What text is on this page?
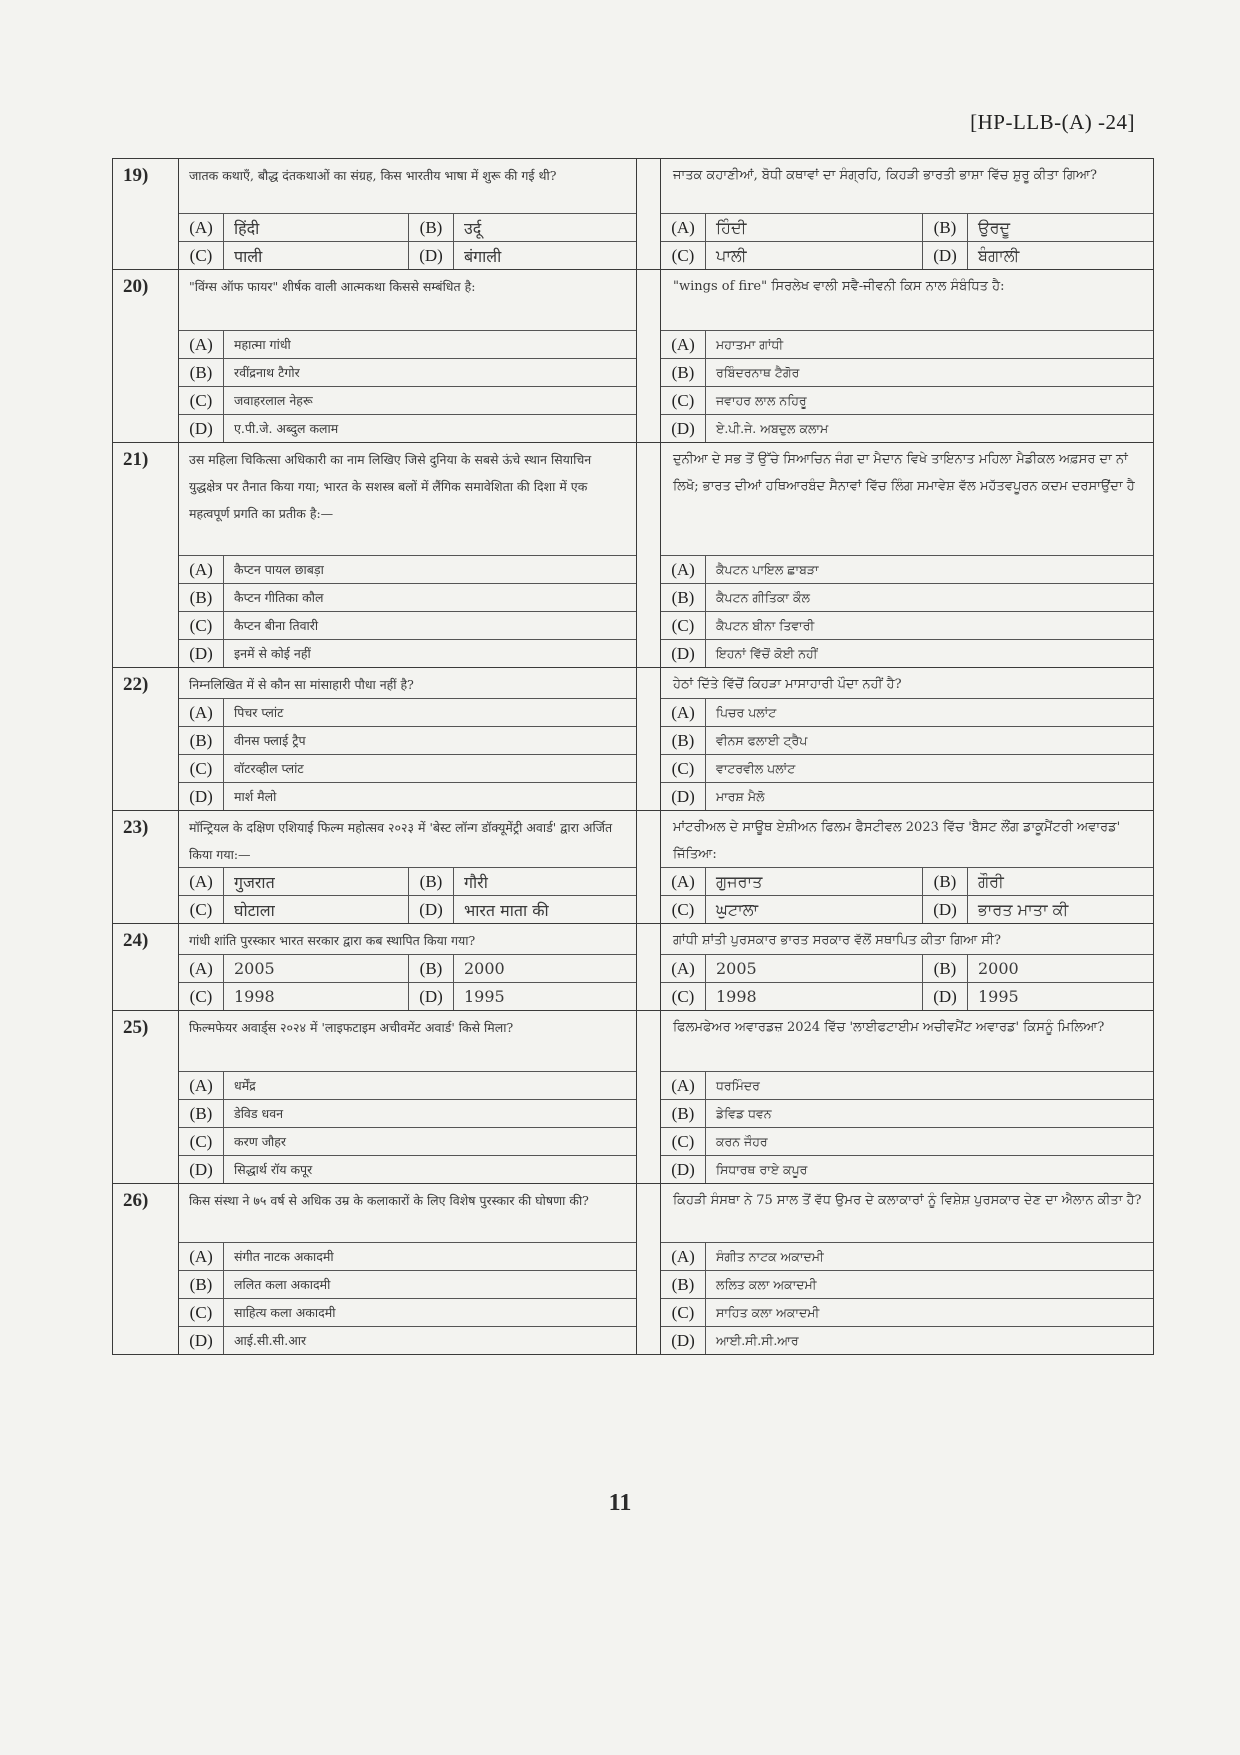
[HP-LLB-(A) -24]
19)	जातक कथाएँ, बौद्ध दंतकथाओं का संग्रह, किस भारतीय भाषा में शुरू की गई थी?
(A)	हिंदी	(B)	उर्दू
(C)	पाली	(D)	बंगाली
ਜਾਤਕ ਕਹਾਣੀਆਂ, ਬੋਧੀ ਕਥਾਵਾਂ ਦਾ ਸੰਗ੍ਰਹਿ, ਕਿਹੜੀ ਭਾਰਤੀ ਭਾਸ਼ਾ ਵਿੱਚ ਸ਼ੁਰੂ ਕੀਤਾ ਗਿਆ?
(A)	ਹਿੰਦੀ	(B)	ਉਰਦੂ
(C)	ਪਾਲੀ	(D)	ਬੰਗਾਲੀ
20)	"विंग्स ऑफ फायर" शीर्षक वाली आत्मकथा किससे सम्बंधित है:
(A)	महात्मा गांधी
(B)	रवींद्रनाथ टैगोर
(C)	जवाहरलाल नेहरू
(D)	ए.पी.जे. अब्दुल कलाम
"wings of fire" ਸਿਰਲੇਖ ਵਾਲੀ ਸਵੈ-ਜੀਵਨੀ ਕਿਸ ਨਾਲ ਸੰਬੰਧਿਤ ਹੈ:
(A)	ਮਹਾਤਮਾ ਗਾਂਧੀ
(B)	ਰਬਿੰਦਰਨਾਥ ਟੈਗੋਰ
(C)	ਜਵਾਹਰ ਲਾਲ ਨਹਿਰੂ
(D)	ਏ.ਪੀ.ਜੇ. ਅਬਦੁਲ ਕਲਾਮ
21)	उस महिला चिकित्सा अधिकारी का नाम लिखिए जिसे दुनिया के सबसे ऊंचे स्थान सियाचिन युद्धक्षेत्र पर तैनात किया गया; भारत के सशस्त्र बलों में लैंगिक समावेशिता की दिशा में एक महत्वपूर्ण प्रगति का प्रतीक है:—
(A)	कैप्टन पायल छाबड़ा
(B)	कैप्टन गीतिका कौल
(C)	कैप्टन बीना तिवारी
(D)	इनमें से कोई नहीं
ਦੁਨੀਆ ਦੇ ਸਭ ਤੋਂ ਉੱਚੇ ਸਿਆਚਿਨ ਜੰਗ ਦਾ ਮੈਦਾਨ ਵਿਖੇ ਤਾਇਨਾਤ ਮਹਿਲਾ ਮੈਡੀਕਲ ਅਫ਼ਸਰ ਦਾ ਨਾਂ ਲਿਖੋ; ਭਾਰਤ ਦੀਆਂ ਹਥਿਆਰਬੰਦ ਸੈਨਾਵਾਂ ਵਿੱਚ ਲਿੰਗ ਸਮਾਵੇਸ਼ ਵੱਲ ਮਹੱਤਵਪੂਰਨ ਕਦਮ ਦਰਸਾਉਂਦਾ ਹੈ
(A)	ਕੈਪਟਨ ਪਾਇਲ ਛਾਬੜਾ
(B)	ਕੈਪਟਨ ਗੀਤਿਕਾ ਕੌਲ
(C)	ਕੈਪਟਨ ਬੀਨਾ ਤਿਵਾਰੀ
(D)	ਇਹਨਾਂ ਵਿੱਚੋਂ ਕੋਈ ਨਹੀਂ
22)	निम्नलिखित में से कौन सा मांसाहारी पौधा नहीं है?
(A)	पिचर प्लांट
(B)	वीनस फ्लाई ट्रैप
(C)	वॉटरव्हील प्लांट
(D)	मार्श मैलो
ਹੇਠਾਂ ਦਿੱਤੇ ਵਿੱਚੋਂ ਕਿਹੜਾ ਮਾਸਾਹਾਰੀ ਪੌਦਾ ਨਹੀਂ ਹੈ?
(A)	ਪਿਚਰ ਪਲਾਂਟ
(B)	ਵੀਨਸ ਫਲਾਈ ਟ੍ਰੈਪ
(C)	ਵਾਟਰਵੀਲ ਪਲਾਂਟ
(D)	ਮਾਰਸ਼ ਮੈਲੋ
23)	मॉन्ट्रियल के दक्षिण एशियाई फिल्म महोत्सव २०२३ में 'बेस्ट लॉन्ग डॉक्यूमेंट्री अवार्ड' द्वारा अर्जित किया गया:—
(A)	गुजरात	(B)	गौरी
(C)	घोटाला	(D)	भारत माता की
ਮਾਂਟਰੀਅਲ ਦੇ ਸਾਊਥ ਏਸ਼ੀਅਨ ਫਿਲਮ ਫੈਸਟੀਵਲ 2023 ਵਿੱਚ 'ਬੈਸਟ ਲੌਂਗ ਡਾਕੂਮੈਂਟਰੀ ਅਵਾਰਡ' ਜਿੱਤਿਆ:
(A)	ਗੁਜਰਾਤ	(B)	ਗੌਰੀ
(C)	ਘੁਟਾਲਾ	(D)	ਭਾਰਤ ਮਾਤਾ ਕੀ
24)	गांधी शांति पुरस्कार भारत सरकार द्वारा कब स्थापित किया गया?
(A)	2005	(B)	2000
(C)	1998	(D)	1995
ਗਾਂਧੀ ਸ਼ਾਂਤੀ ਪੁਰਸਕਾਰ ਭਾਰਤ ਸਰਕਾਰ ਵੱਲੋਂ ਸਥਾਪਿਤ ਕੀਤਾ ਗਿਆ ਸੀ?
(A)	2005	(B)	2000
(C)	1998	(D)	1995
25)	फिल्मफेयर अवार्ड्स २०२४ में 'लाइफटाइम अचीवमेंट अवार्ड' किसे मिला?
(A)	धर्मेंद्र
(B)	डेविड धवन
(C)	करण जौहर
(D)	सिद्धार्थ रॉय कपूर
ਫਿਲਮਫੇਅਰ ਅਵਾਰਡਜ਼ 2024 ਵਿੱਚ 'ਲਾਈਫਟਾਈਮ ਅਚੀਵਮੈਂਟ ਅਵਾਰਡ' ਕਿਸਨੂੰ ਮਿਲਿਆ?
(A)	ਧਰਮਿੰਦਰ
(B)	ਡੇਵਿਡ ਧਵਨ
(C)	ਕਰਨ ਜੌਹਰ
(D)	ਸਿਧਾਰਥ ਰਾਏ ਕਪੂਰ
26)	किस संस्था ने ७५ वर्ष से अधिक उम्र के कलाकारों के लिए विशेष पुरस्कार की घोषणा की?
(A)	संगीत नाटक अकादमी
(B)	ललित कला अकादमी
(C)	साहित्य कला अकादमी
(D)	आई.सी.सी.आर
ਕਿਹੜੀ ਸੰਸਥਾ ਨੇ 75 ਸਾਲ ਤੋਂ ਵੱਧ ਉਮਰ ਦੇ ਕਲਾਕਾਰਾਂ ਨੂੰ ਵਿਸ਼ੇਸ਼ ਪੁਰਸਕਾਰ ਦੇਣ ਦਾ ਐਲਾਨ ਕੀਤਾ ਹੈ?
(A)	ਸੰਗੀਤ ਨਾਟਕ ਅਕਾਦਮੀ
(B)	ਲਲਿਤ ਕਲਾ ਅਕਾਦਮੀ
(C)	ਸਾਹਿਤ ਕਲਾ ਅਕਾਦਮੀ
(D)	ਆਈ.ਸੀ.ਸੀ.ਆਰ
11
